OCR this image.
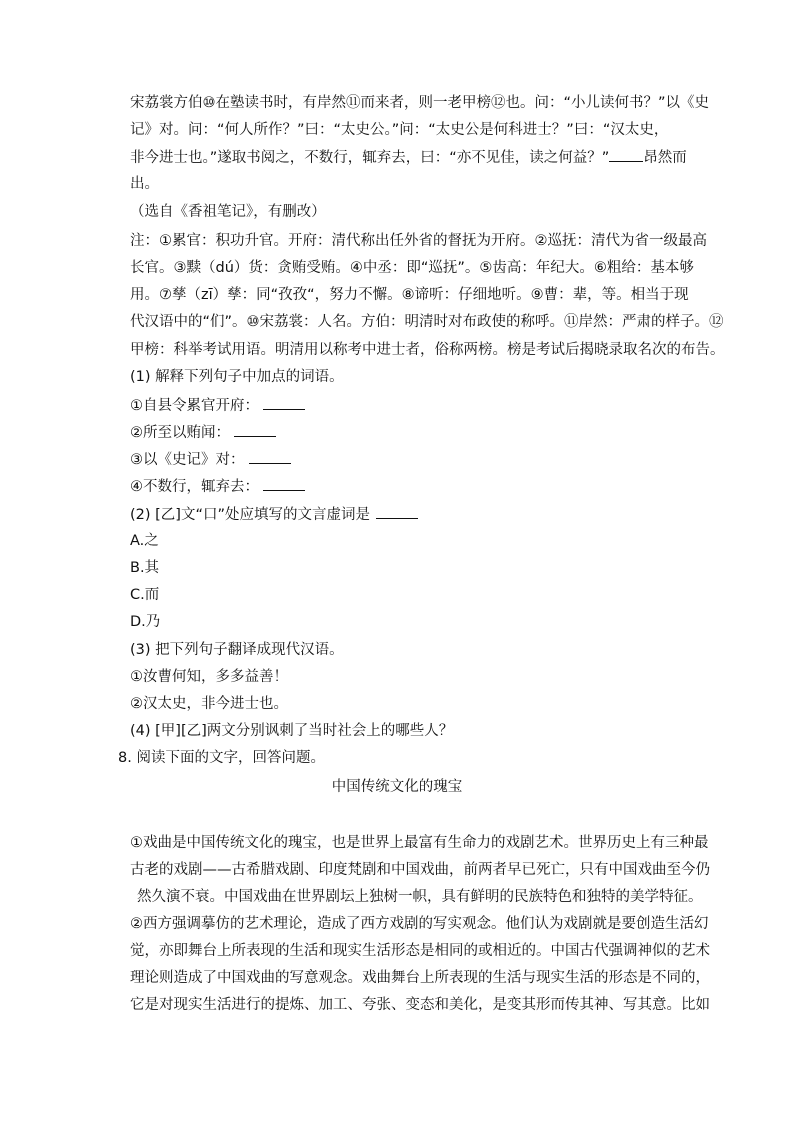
宋荔裳方伯⑩在塾读书时，有岸然⑪而来者，则一老甲榜⑫也。问：“小儿读何书？”以《史
记》对。问：“何人所作？”曰：“太史公。”问：“太史公是何科进士？”曰：“汉太史，
非今进士也。”遂取书阅之，不数行，辄弃去，曰：“亦不见佳，读之何益？” 昂然而
出。
（选自《香祖笔记》，有删改）
注：①累官：积功升官。开府：清代称出任外省的督抚为开府。②巡抚：清代为省一级最高
长官。③黩（dú）货：贪贿受贿。④中丞：即“巡抚”。⑤齿高：年纪大。⑥粗给：基本够
用。⑦孳（zī）孳：同“孜孜“，努力不懈。⑧谛听：仔细地听。⑨曹：辈，等。相当于现
代汉语中的“们”。⑩宋荔裳：人名。方伯：明清时对布政使的称呼。⑪岸然：严肃的样子。⑫
甲榜：科举考试用语。明清用以称考中进士者，俗称两榜。榜是考试后揭晓录取名次的布告。
(1) 解释下列句子中加点的词语。
①自县令累官开府：
②所至以贿闻：
③以《史记》对：
④不数行，辄弃去：
(2) [乙]文“口”处应填写的文言虚词是
A.之
B.其
C.而
D.乃
(3) 把下列句子翻译成现代汉语。
①汝曹何知，多多益善！
②汉太史，非今进士也。
(4) [甲][乙]两文分别讽刺了当时社会上的哪些人？
8. 阅读下面的文字，回答问题。
中国传统文化的瑰宝
①戏曲是中国传统文化的瑰宝，也是世界上最富有生命力的戏剧艺术。世界历史上有三种最
古老的戏剧——古希腊戏剧、印度梵剧和中国戏曲，前两者早已死亡，只有中国戏曲至今仍
然久演不衰。中国戏曲在世界剧坛上独树一帜，具有鲜明的民族特色和独特的美学特征。
②西方强调摹仿的艺术理论，造成了西方戏剧的写实观念。他们认为戏剧就是要创造生活幻
觉，亦即舞台上所表现的生活和现实生活形态是相同的或相近的。中国古代强调神似的艺术
理论则造成了中国戏曲的写意观念。戏曲舞台上所表现的生活与现实生活的形态是不同的，
它是对现实生活进行的提炼、加工、夸张、变态和美化，是变其形而传其神、写其意。比如
